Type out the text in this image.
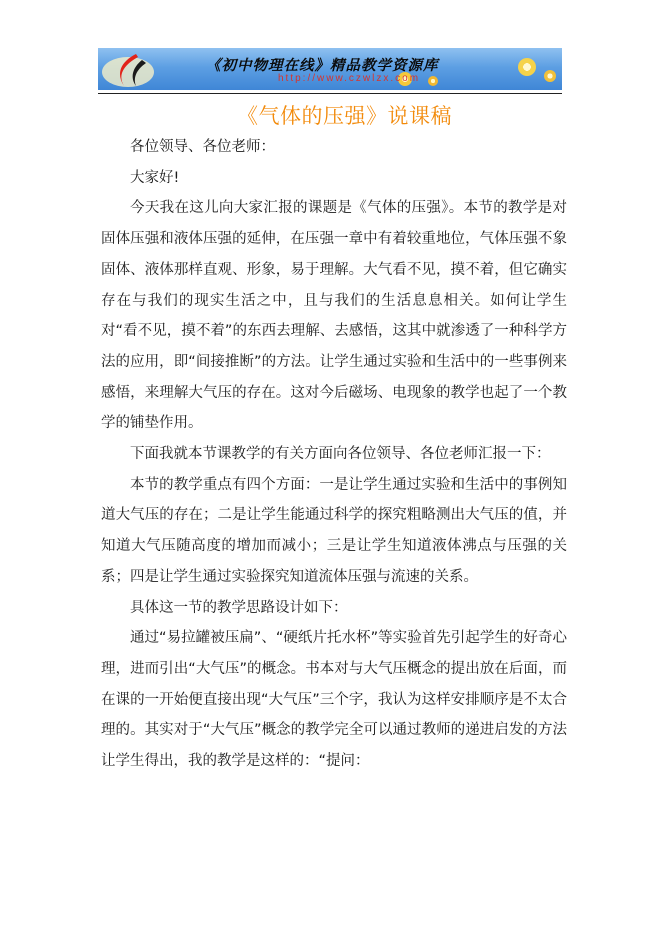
《初中物理在线》精品教学资源库
http://www.czwlzx.com
《气体的压强》说课稿

各位领导、各位老师：

大家好!

今天我在这儿向大家汇报的课题是《气体的压强》。本节的教学是对固体压强和液体压强的延伸，在压强一章中有着较重地位，气体压强不象固体、液体那样直观、形象，易于理解。大气看不见，摸不着，但它确实存在与我们的现实生活之中，且与我们的生活息息相关。如何让学生对“看不见，摸不着”的东西去理解、去感悟，这其中就渗透了一种科学方法的应用，即“间接推断”的方法。让学生通过实验和生活中的一些事例来感悟，来理解大气压的存在。这对今后磁场、电现象的教学也起了一个教学的铺垫作用。

下面我就本节课教学的有关方面向各位领导、各位老师汇报一下：

本节的教学重点有四个方面：一是让学生通过实验和生活中的事例知道大气压的存在；二是让学生能通过科学的探究粗略测出大气压的值，并知道大气压随高度的增加而减小；三是让学生知道液体沸点与压强的关系；四是让学生通过实验探究知道流体压强与流速的关系。

具体这一节的教学思路设计如下：

通过“易拉罐被压扁”、“硬纸片托水杯”等实验首先引起学生的好奇心理，进而引出“大气压”的概念。书本对与大气压概念的提出放在后面，而在课的一开始便直接出现“大气压”三个字，我认为这样安排顺序是不太合理的。其实对于“大气压”概念的教学完全可以通过教师的递进启发的方法让学生得出，我的教学是这样的：“提问：
